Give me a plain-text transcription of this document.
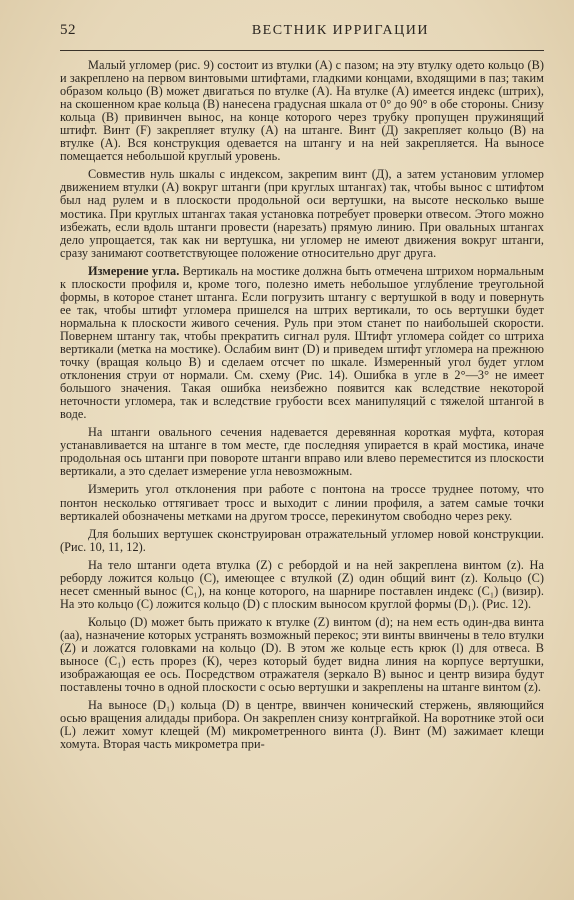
52	ВЕСТНИК ИРРИГАЦИИ

Малый угломер (рис. 9) состоит из втулки (А) с пазом; на эту втулку одето кольцо (В) и закреплено на первом винтовыми штифтами, гладкими концами, входящими в паз; таким образом кольцо (В) может двигаться по втулке (А). На втулке (А) имеется индекс (штрих), на скошенном крае кольца (В) нанесена градусная шкала от 0° до 90° в обе стороны. Снизу кольца (В) привинчен вынос, на конце которого через трубку пропущен пружинящий штифт. Винт (F) закрепляет втулку (А) на штанге. Винт (Д) закрепляет кольцо (В) на втулке (А). Вся конструкция одевается на штангу и на ней закрепляется. На выносе помещается небольшой круглый уровень.

Совместив нуль шкалы с индексом, закрепим винт (Д), а затем установим угломер движением втулки (А) вокруг штанги (при круглых штангах) так, чтобы вынос с штифтом был над рулем и в плоскости продольной оси вертушки, на высоте несколько выше мостика. При круглых штангах такая установка потребует проверки отвесом. Этого можно избежать, если вдоль штанги провести (нарезать) прямую линию. При овальных штангах дело упрощается, так как ни вертушка, ни угломер не имеют движения вокруг штанги, сразу занимают соответствующее положение относительно друг друга.

Измерение угла. Вертикаль на мостике должна быть отмечена штрихом нормальным к плоскости профиля и, кроме того, полезно иметь небольшое углубление треугольной формы, в которое станет штанга. Если погрузить штангу с вертушкой в воду и повернуть ее так, чтобы штифт угломера пришелся на штрих вертикали, то ось вертушки будет нормальна к плоскости живого сечения. Руль при этом станет по наибольшей скорости. Повернем штангу так, чтобы прекратить сигнал руля. Штифт угломера сойдет со штриха вертикали (метка на мостике). Ослабим винт (D) и приведем штифт угломера на прежнюю точку (вращая кольцо В) и сделаем отсчет по шкале. Измеренный угол будет углом отклонения струи от нормали. См. схему (Рис. 14). Ошибка в угле в 2°—3° не имеет большого значения. Такая ошибка неизбежно появится как вследствие некоторой неточности угломера, так и вследствие грубости всех манипуляций с тяжелой штангой в воде.

На штанги овального сечения надевается деревянная короткая муфта, которая устанавливается на штанге в том месте, где последняя упирается в край мостика, иначе продольная ось штанги при повороте штанги вправо или влево переместится из плоскости вертикали, а это сделает измерение угла невозможным.

Измерить угол отклонения при работе с понтона на троссе труднее потому, что понтон несколько оттягивает тросс и выходит с линии профиля, а затем самые точки вертикалей обозначены метками на другом тросcе, перекинутом свободно через реку.

Для больших вертушек сконструирован отражательный угломер новой конструкции. (Рис. 10, 11, 12).

На тело штанги одета втулка (Z) с ребордой и на ней закреплена винтом (z). На реборду ложится кольцо (С), имеющее с втулкой (Z) один общий винт (z). Кольцо (С) несет сменный вынос (С₁), на конце которого, на шарнире поставлен индекс (С₁) (визир). На это кольцо (С) ложится кольцо (D) с плоским выносом круглой формы (D₁). (Рис. 12).

Кольцо (D) может быть прижато к втулке (Z) винтом (d); на нем есть один-два винта (аа), назначение которых устранять возможный перекос; эти винты ввинчены в тело втулки (Z) и ложатся головками на кольцо (D). В этом же кольце есть крюк (l) для отвеса. В выносе (С₁) есть прорез (К), через который будет видна линия на корпусе вертушки, изображающая ее ось. Посредством отражателя (зеркало В) вынос и центр визира будут поставлены точно в одной плоскости с осью вертушки и закреплены на штанге винтом (z).

На выносе (D₁) кольца (D) в центре, ввинчен конический стержень, являющийся осью вращения алидады прибора. Он закреплен снизу контргайкой. На воротнике этой оси (L) лежит хомут клещей (М) микрометренного винта (J). Винт (М) зажимает клещи хомута. Вторая часть микрометра при-
